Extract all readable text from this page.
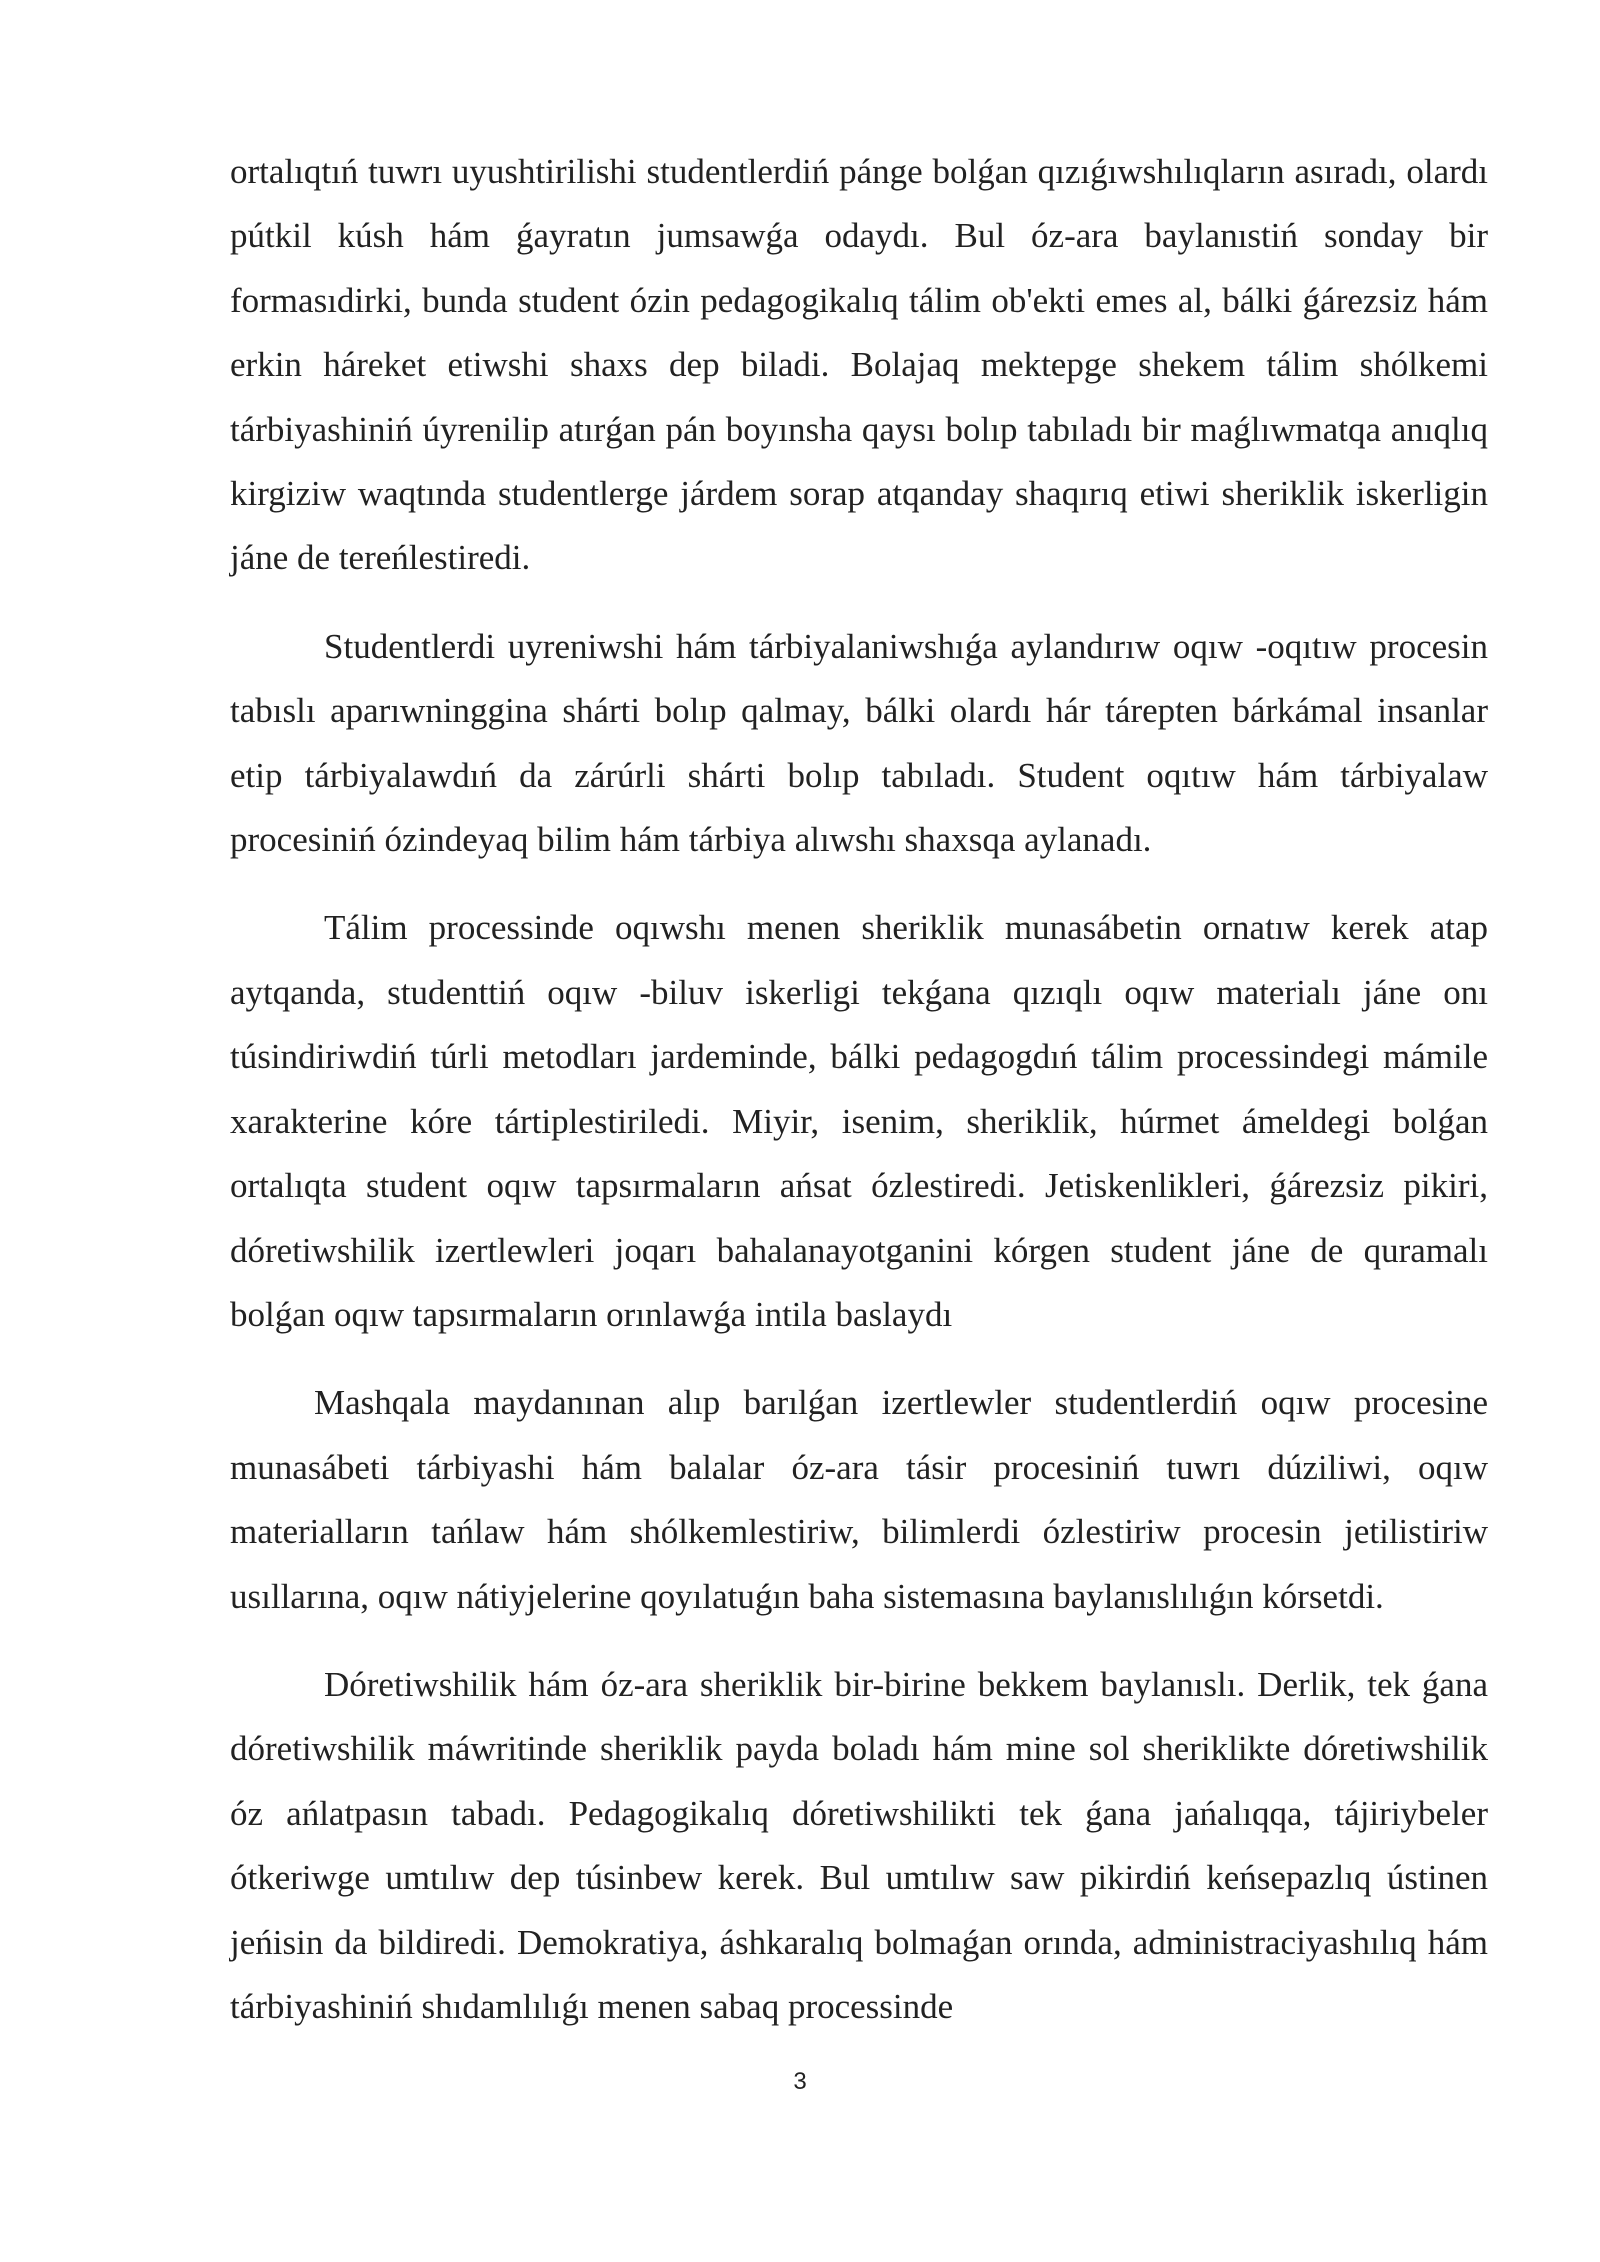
ortalıqtıń tuwrı uyushtirilishi studentlerdiń pánge bolǵan qızıǵıwshılıqların asıradı, olardı pútkil kúsh hám ǵayratın jumsawǵa odaydı. Bul óz-ara baylanıstiń sonday bir formasıdirki, bunda student ózin pedagogikalıq tálim ob'ekti emes al, bálki ǵárezsiz hám erkin háreket etiwshi shaxs dep biladi. Bolajaq mektepge shekem tálim shólkemi tárbiyashiniń úyrenilip atırǵan pán boyınsha qaysı bolıp tabıladı bir maǵlıwmatqa anıqlıq kirgiziw waqtında studentlerge járdem sorap atqanday shaqırıq etiwi sheriklik iskerligin jáne de tereńlestiredi.

Studentlerdi uyreniwshi hám tárbiyalaniwshıǵa aylandırıw oqıw -oqıtıw procesin tabıslı aparıwninggina shárti bolıp qalmay, bálki olardı hár tárepten bárkámal insanlar etip tárbiyalawdıń da zárúrli shárti bolıp tabıladı. Student oqıtıw hám tárbiyalaw procesiniń ózindeyaq bilim hám tárbiya alıwshı shaxsqa aylanadı.

Tálim processinde oqıwshı menen sheriklik munasábetin ornatıw kerek atap aytqanda, studenttiń oqıw -biluv iskerligi tekǵana qızıqlı oqıw materialı jáne onı túsindiriwdiń túrli metodları jardeminde, bálki pedagogdıń tálim processindegi mámile xarakterine kóre tártiplestiriledi. Miyir, isenim, sheriklik, húrmet ámeldegi bolǵan ortalıqta student oqıw tapsırmaların ańsat ózlestiredi. Jetiskenlikleri, ǵárezsiz pikiri, dóretiwshilik izertlewleri joqarı bahalanayotganini kórgen student jáne de quramalı bolǵan oqıw tapsırmaların orınlawǵa intila baslaydı

Mashqala maydanınan alıp barılǵan izertlewler studentlerdiń oqıw procesine munasábeti tárbiyashi hám balalar óz-ara tásir procesiniń tuwrı dúziliwi, oqıw materialların tańlaw hám shólkemlestiriw, bilimlerdi ózlestiriw procesin jetilistiriw usıllarına, oqıw nátiyjelerine qoyılatuǵın baha sistemasına baylanıslılıǵın kórsetdi.

Dóretiwshilik hám óz-ara sheriklik bir-birine bekkem baylanıslı. Derlik, tek ǵana dóretiwshilik máwritinde sheriklik payda boladı hám mine sol sheriklikte dóretiwshilik óz ańlatpasın tabadı. Pedagogikalıq dóretiwshilikti tek ǵana jańalıqqa, tájiriybeler ótkeriwge umtılıw dep túsinbew kerek. Bul umtılıw saw pikirdiń keńsepazlıq ústinen jeńisin da bildiredi. Demokratiya, áshkaralıq bolmaǵan orında, administraciyashılıq hám tárbiyashiniń shıdamlılıǵı menen sabaq processinde

3
